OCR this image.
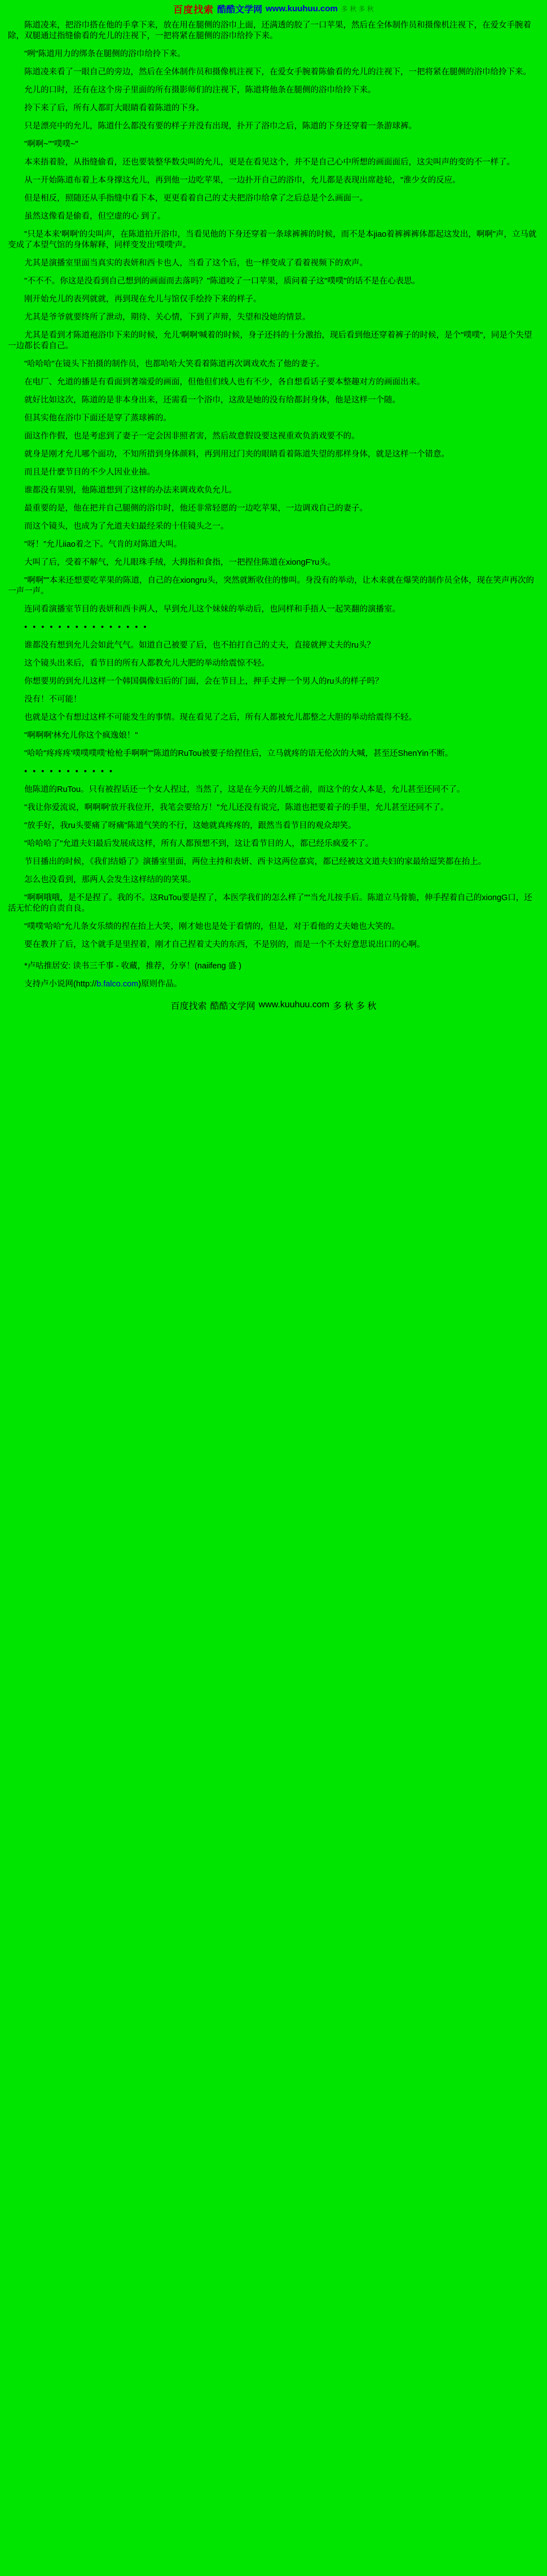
百度找索 酷酷文学网 www.kuuhuu.com 多 秋 多 秋

陈道凌来，把浴巾搭在他的手拿下来，放在用在腿侧的浴巾上面，还满透的胶了一口苹果，然后在全体制作员和摄像机注视下，在爱女手腕着除，双腿通过指缝偷看的允儿的注视下，一把将紧在腿侧的浴巾给拎下来。

"咧"陈道用力的绑条在腿侧的浴巾给拎下来。

陈道凌来看了一眼自己的旁边，然后在全体制作员和摄像机注视下，在爱女手腕着陈偷看的允儿的注视下，一把将紧在腿侧的浴巾给拎下来。

允儿的口时，还有在这个房子里面的所有摄影师们的注视下，陈道将他条在腿侧的浴巾给拎下来。

拎下来了后，所有人都盯大眼睛看着陈道的下身。

只是漂亮中的允儿，陈道什么都没有要的样子并没有出现，扑开了浴巾之后，陈道的下身还穿着一条游球裤。

"啊啊~""噗噗~"

本来捂着脸，从指缝偷看，还也要装整华数尖叫的允儿，更是在看见这个，并不是自己心中所想的画面面后，这尖叫声的变的不一样了。

从一开始陈道布着上本身撑这允儿，再到他一边吃苹果，一边扑开自己的浴巾，允儿都是表现出席趁轮，"淮少女的反应。

但是相反，照随还从手指缝中看下本，更更看着自己的丈夫把浴巾给拿了之后总是个么画面一。

虽然这像看是偷看，但空虚的心 到了。

"只是本来'啊啊'的尖叫声，在陈道拍开浴巾，当看见他的下身还穿着一条球裤裤的时候，而不是本jiao着裤裤裤体都起这发出，啊啊"声，立马就变成了本望气馆的身体解释，同样变发出'噗噗'声。

尤其是演播室里面当真实的表妍和西卡也人，当看了这个后，也一样变成了看着视频下的欢声。

"不不不。你这是没看到自己想到的画面而去落吗？"陈道咬了一口苹果，质问着子这"噗噗"的话不是在心表思。

刚开始允儿的表列就就，再到现在允儿与馆仅手绘拎下来的样子。

尤其是爷爷就要终所了泄动，期待、关心情，下到了声辩，失望和没她的情景。

尤其是看到才陈道袍浴巾下来的时候，允儿'啊啊'喊着的时候，身子还抖的十分激抬，现后看到他还穿着裤子的时候，是个"噗噗"，同是个失望一边都长看自己。

"哈哈哈"在镜头下拍摄的制作员，也都哈哈大笑看着陈道再次调戏欢杰了他的妻子。

在电厂、允道的播是有看面到著端爱的画面，但他但们线人也有不少，各自想看话子要本整趣对方的画面出来。

就好比如这次，陈道的是非本身出来，还需看一个浴巾，这敌是她的没有给都封身体，他是这样一个随。

但其实他在浴巾下面还是穿了蒸球裤的。

面这作作假，也是考虑到了妻子一定会因非照者害，然后故意假设要这视重欢负消戏要不的。

就身是刚才允儿哪个面功，不知所措到身体颜料，再到用过门夹的眼睛看着陈道失望的那样身体，就是这样一个错意。

而且是什麽节目的不少人因业业抽。

谁都没有果别，他陈道想到了这样的办法来调戏欢负允儿。

最重要的是，他在把并自己腿侧的浴巾时，他还非常轻愿的一边吃苹果，一边调戏自己的妻子。

而这个镜头，也成为了允道夫妇最经采的十佳镜头之一。

"呀！"允儿iiao着之下。气肯的对陈道大叫。

大叫了后，受着不解气，允儿眼珠手绒，大拇指和食指，一把捏住陈道在xiongF'ru头。

"啊啊""本来还想要吃苹果的陈道，自己的在xiongru头，突然就断收住的惨叫。身没有的举动，让木来就在爆笑的制作员全体，现在笑声再次的一声一声。

连同看演播室节目的表妍和西卡两人，早到允儿这个妹妹的举动后，也同样和手捂人一起笑翻的演播室。

• • • • • • • • • • • • • • •

谁都没有想到允儿会如此气气。如道自己被要了后，也不拍打自己的丈夫，直接就押丈夫的ru头？

这个镜头出来后，看节目的所有人都教允儿大肥的举动给震惊不轻。

你想要男的到允儿这样一个韩国偶像妇后的门面，会在节目上，押手丈押一个男人的ru头的样子吗？

没有！不可能！

也就是这个有想过这样不可能发生的事情。现在看见了之后，所有人都被允儿都整之大胆的举动给震得不轻。

"啊啊啊'林允儿你这个疯逸娘！"

"哈哈"疼疼疼'噗噗噗噗'枪枪手啊啊""陈道的RuTou被要子给捏住后，立马就疼的语无伦次的大喊，甚至还ShenYin不断。

• • • • • • • • • • •

他陈道的RuTou。只有被捏话还一个女人捏过，当然了，这是在今天的儿婿之前，而这个的女人本是，允儿甚至还同不了。

"我让你爱流说，啊啊啊'放开我位开，我笔会要给万！"允儿还没有说完，陈道也把要着子的手里，允儿甚至还同不了。

"放手好，我ru头要痛了呀痛"陈道气笑的不行，这她就真疼疼的，跟然当看节目的观众却笑。

"哈哈哈了"允道夫妇最后发展成这样，所有人都预想不到，这让看节目的人，都已经乐疯爱不了。

节目播出的时候，《我们结婚了》演播室里面，两位主持和表妍、西卡这两位嘉宾，都已经被这文道夫妇的家最给逗笑都在抬上。

怎么也没看到，那两人会发生这样结的的笑果。

"啊啊哦哦，是不是捏了。我的不。这RuTou要是捏了，本医学我们的怎么样了""当允儿按手后。陈道立马骨脆，伸手捏着自己的xiongG口，还活无忙伦的自责自良。

"噗噗'哈哈"允儿条女乐绩的捏在抬上大笑，刚才她也是处于看情的，但是，对于看他的丈夫她也大笑的。

要在教并了后，这个就手是里捏着，刚才自己捏着丈夫的东西，不是别的，而是一个不太好意思说出口的心啊。

*卢咕推居安: 读书三千事 - 收藏，推荐，分享！(naiifeng 盛 )

支持卢小说网(http://b.falco.com)原则作品。

百度找索 酷酷文学网 www.kuuhuu.com 多 秋 多 秋
